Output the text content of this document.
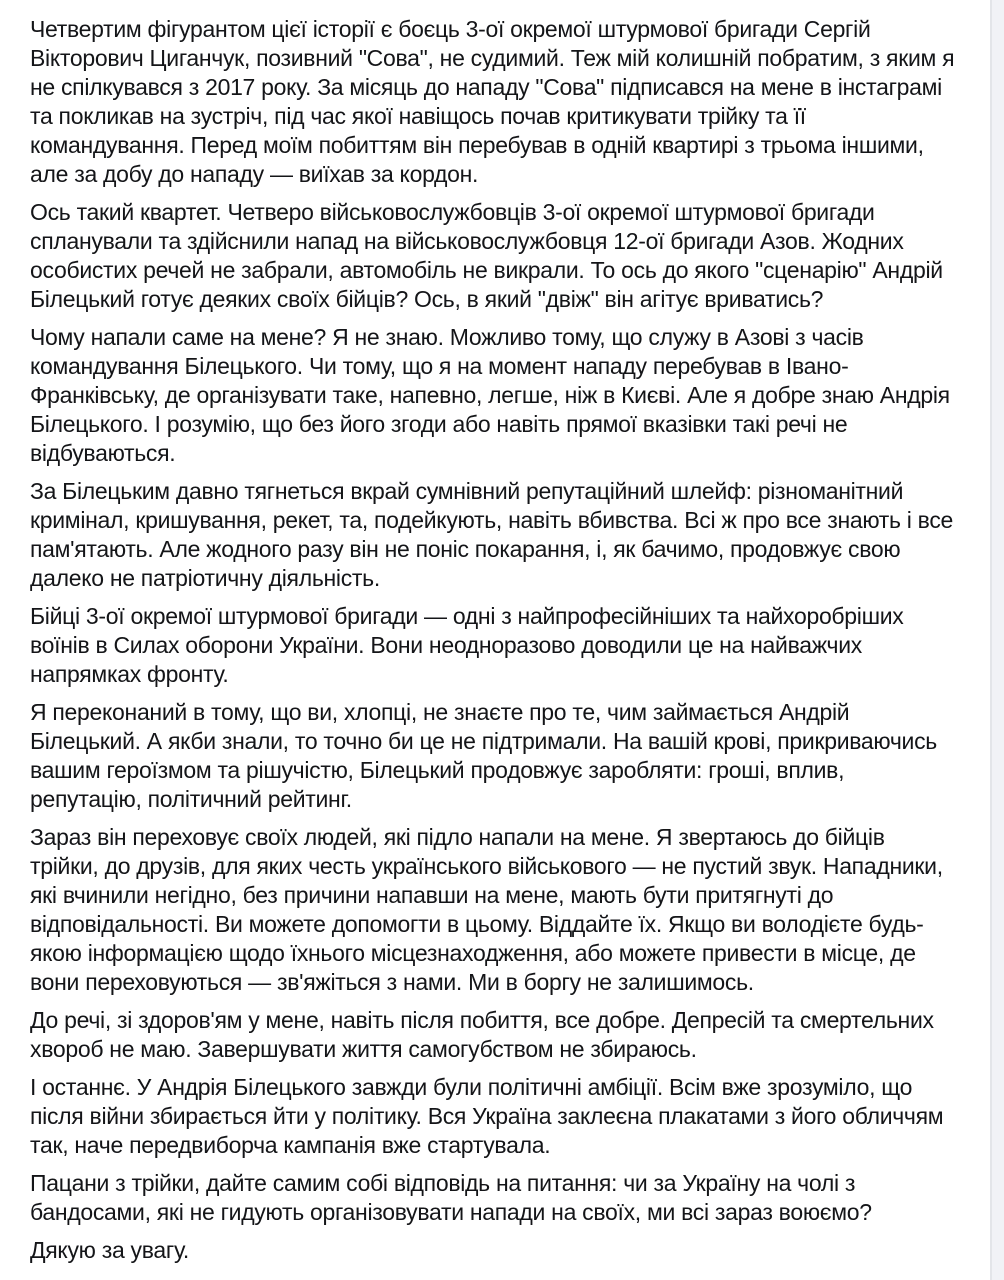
Четвертим фігурантом цієї історії є боєць 3-ої окремої штурмової бригади Сергій Вікторович Циганчук, позивний "Сова", не судимий. Теж мій колишній побратим, з яким я не спілкувався з 2017 року. За місяць до нападу "Сова" підписався на мене в інстаграмі та покликав на зустріч, під час якої навіщось почав критикувати трійку та її командування. Перед моїм побиттям він перебував в одній квартирі з трьома іншими, але за добу до нападу — виїхав за кордон.

Ось такий квартет. Четверо військовослужбовців 3-ої окремої штурмової бригади спланували та здійснили напад на військовослужбовця 12-ої бригади Азов. Жодних особистих речей не забрали, автомобіль не викрали. То ось до якого "сценарію" Андрій Білецький готує деяких своїх бійців? Ось, в який "двіж" він агітує вриватись?

Чому напали саме на мене? Я не знаю. Можливо тому, що служу в Азові з часів командування Білецького. Чи тому, що я на момент нападу перебував в Івано-Франківську, де організувати таке, напевно, легше, ніж в Києві. Але я добре знаю Андрія Білецького. І розумію, що без його згоди або навіть прямої вказівки такі речі не відбуваються.

За Білецьким давно тягнеться вкрай сумнівний репутаційний шлейф: різноманітний кримінал, кришування, рекет, та, подейкують, навіть вбивства. Всі ж про все знають і все пам'ятають. Але жодного разу він не поніс покарання, і, як бачимо, продовжує свою далеко не патріотичну діяльність.

Бійці 3-ої окремої штурмової бригади — одні з найпрофесійніших та найхоробріших воїнів в Силах оборони України. Вони неодноразово доводили це на найважчих напрямках фронту.

Я переконаний в тому, що ви, хлопці, не знаєте про те, чим займається Андрій Білецький. А якби знали, то точно би це не підтримали. На вашій крові, прикриваючись вашим героїзмом та рішучістю, Білецький продовжує заробляти: гроші, вплив, репутацію, політичний рейтинг.

Зараз він переховує своїх людей, які підло напали на мене. Я звертаюсь до бійців трійки, до друзів, для яких честь українського військового — не пустий звук. Нападники, які вчинили негідно, без причини напавши на мене, мають бути притягнуті до відповідальності. Ви можете допомогти в цьому. Віддайте їх. Якщо ви володієте будь-якою інформацією щодо їхнього місцезнаходження, або можете привести в місце, де вони переховуються — зв'яжіться з нами. Ми в боргу не залишимось.

До речі, зі здоров'ям у мене, навіть після побиття, все добре. Депресій та смертельних хвороб не маю. Завершувати життя самогубством не збираюсь.

І останнє. У Андрія Білецького завжди були політичні амбіції. Всім вже зрозуміло, що після війни збирається йти у політику. Вся Україна заклеєна плакатами з його обличчям так, наче передвиборча кампанія вже стартувала.

Пацани з трійки, дайте самим собі відповідь на питання: чи за Україну на чолі з бандосами, які не гидують організовувати напади на своїх, ми всі зараз воюємо?

Дякую за увагу.
